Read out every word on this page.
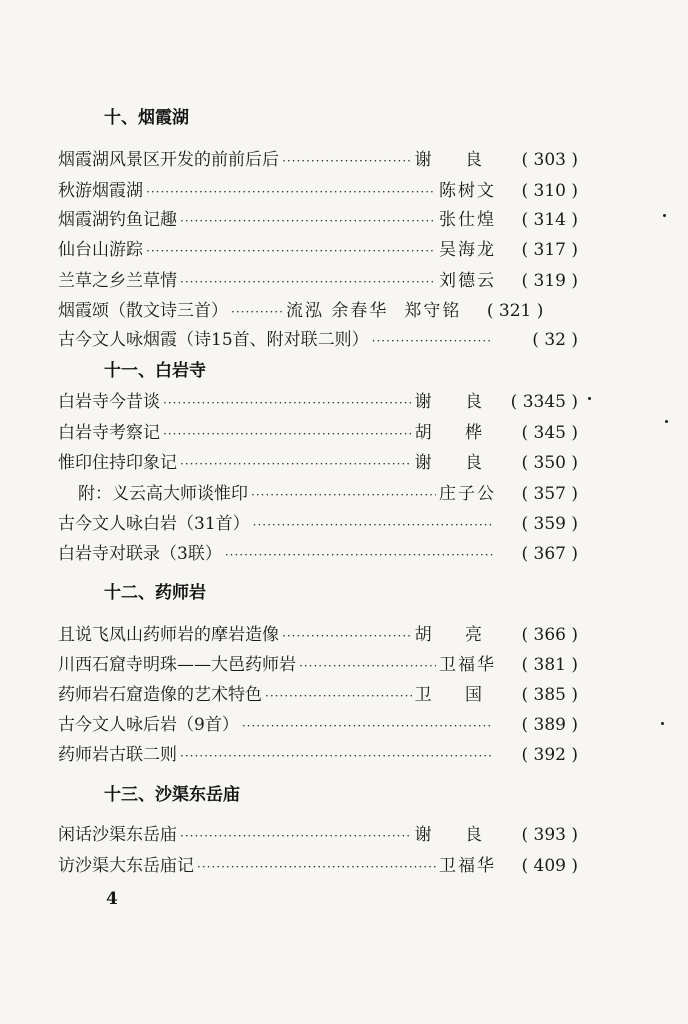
十、烟霞湖
烟霞湖风景区开发的前前后后 ·····	谢 良	( 303 )
秋游烟霞湖 ·····	陈树文	( 310 )
烟霞湖钓鱼记趣 ·····	张仕煌	( 314 )
仙台山游踪 ·····	吴海龙	( 317 )
兰草之乡兰草情 ·····	刘德云	( 319 )
烟霞颂（散文诗三首） ·····	流泓 余春华 郑守铭	( 321 )
古今文人咏烟霞（诗15首、附对联二则） ·····	( 32 )
十一、白岩寺
白岩寺今昔谈 ·····	谢 良 ( 3345 )
白岩寺考察记 ·····	胡 桦	( 345 )
惟印住持印象记 ·····	谢 良	( 350 )
附：义云高大师谈惟印 ·····	庄子公	( 357 )
古今文人咏白岩（31首） ·····	( 359 )
白岩寺对联录（3联） ·····	( 367 )
十二、药师岩
且说飞凤山药师岩的摩岩造像 ·····	胡 亮	( 366 )
川西石窟寺明珠——大邑药师岩 ·····	卫福华	( 381 )
药师岩石窟造像的艺术特色 ·····	卫 国	( 385 )
古今文人咏后岩（9首） ·····	( 389 )
药师岩古联二则 ·····	( 392 )
十三、沙渠东岳庙
闲话沙渠东岳庙 ·····	谢 良	( 393 )
访沙渠大东岳庙记 ·····	卫福华	( 409 )
4
